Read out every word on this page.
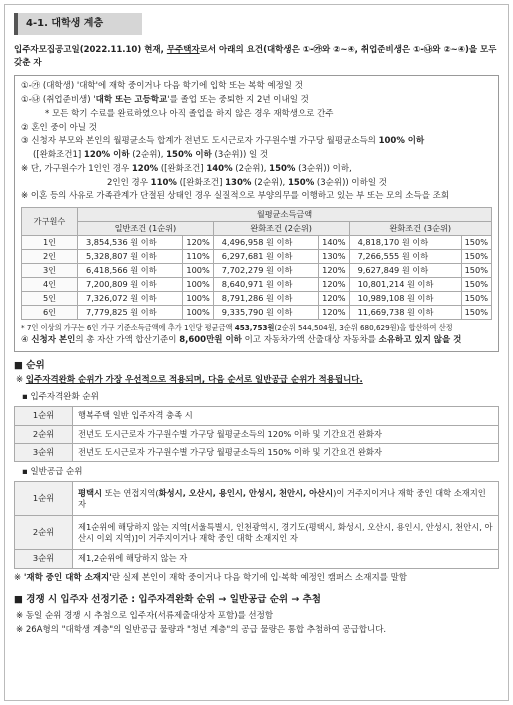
4-1. 대학생 계층
입주자모집공고일(2022.11.10) 현재, 무주택자로서 아래의 요건(대학생은 ①-㉮와 ②~④, 취업준비생은 ①-㉯와 ②~④)을 모두 갖춘 자

①-㉮ (대학생) '대학'에 재학 중이거나 다음 학기에 입학 또는 복학 예정일 것

①-㉯ (취업준비생) '대학 또는 고등학교'를 졸업 또는 중퇴한 지 2년 이내일 것

* 모든 학기 수료를 완료하였으나 아직 졸업을 하지 않은 경우 재학생으로 간주

② 혼인 중이 아닐 것

③ 신청자 부모와 본인의 월평균소득 합계가 전년도 도시근로자 가구원수별 가구당 월평균소득의 100% 이하

([완화조건1] 120% 이하 (2순위), 150% 이하 (3순위)) 일 것

※ 단, 가구원수가 1인인 경우 120% ([완화조건] 140% (2순위), 150% (3순위)) 이하,

2인인 경우 110% ([완화조건] 130% (2순위), 150% (3순위)) 이하일 것

※ 이혼 등의 사유로 가족관계가 단절된 상태인 경우 실질적으로 부양의무를 이행하고 있는 부 또는 모의 소득을 조회

가구원수	월평균소득금액					
	일반조건 (1순위)		완화조건 (2순위)		완화조건 (3순위)	
1인	3,854,536 원 이하	120%	4,496,958 원 이하	140%	4,818,170 원 이하	150%
2인	5,328,807 원 이하	110%	6,297,681 원 이하	130%	7,266,555 원 이하	150%
3인	6,418,566 원 이하	100%	7,702,279 원 이하	120%	9,627,849 원 이하	150%
4인	7,200,809 원 이하	100%	8,640,971 원 이하	120%	10,801,214 원 이하	150%
5인	7,326,072 원 이하	100%	8,791,286 원 이하	120%	10,989,108 원 이하	150%
6인	7,779,825 원 이하	100%	9,335,790 원 이하	120%	11,669,738 원 이하	150%

* 7인 이상의 가구는 6인 가구 기준소득금액에 추가 1인당 평균금액 453,753원(2순위 544,504원, 3순위 680,629원)을 합산하여 산정

④ 신청자 본인의 총 자산 가액 합산기준이 8,600만원 이하 이고 자동차가액 산출대상 자동차를 소유하고 있지 않을 것

■ 순위
※ 입주자격완화 순위가 가장 우선적으로 적용되며, 다음 순서로 일반공급 순위가 적용됩니다.
▪ 입주자격완화 순위
1순위	행복주택 일반 입주자격 충족 시
2순위	전년도 도시근로자 가구원수별 가구당 월평균소득의 120% 이하 및 기간요건 완화자
3순위	전년도 도시근로자 가구원수별 가구당 월평균소득의 150% 이하 및 기간요건 완화자
▪ 일반공급 순위
1순위	평택시 또는 연접지역(화성시, 오산시, 용인시, 안성시, 천안시, 아산시)이 거주지이거나 재학 중인 대학 소재지인 자
2순위	제1순위에 해당하지 않는 지역[서울특별시, 인천광역시, 경기도(평택시, 화성시, 오산시, 용인시, 안성시, 천안시, 아산시 이외 지역)]이 거주지이거나 재학 중인 대학 소재지인 자
3순위	제1,2순위에 해당하지 않는 자
※ '재학 중인 대학 소재지'란 실제 본인이 재학 중이거나 다음 학기에 입·복학 예정인 캠퍼스 소재지를 말함
■ 경쟁 시 입주자 선정기준 : 입주자격완화 순위 → 일반공급 순위 → 추첨
※ 동일 순위 경쟁 시 추첨으로 입주자(서류제출대상자 포함)를 선정함
※ 26A형의 "대학생 계층"의 일반공급 물량과 "청년 계층"의 공급 물량은 통합 추첨하여 공급합니다.
